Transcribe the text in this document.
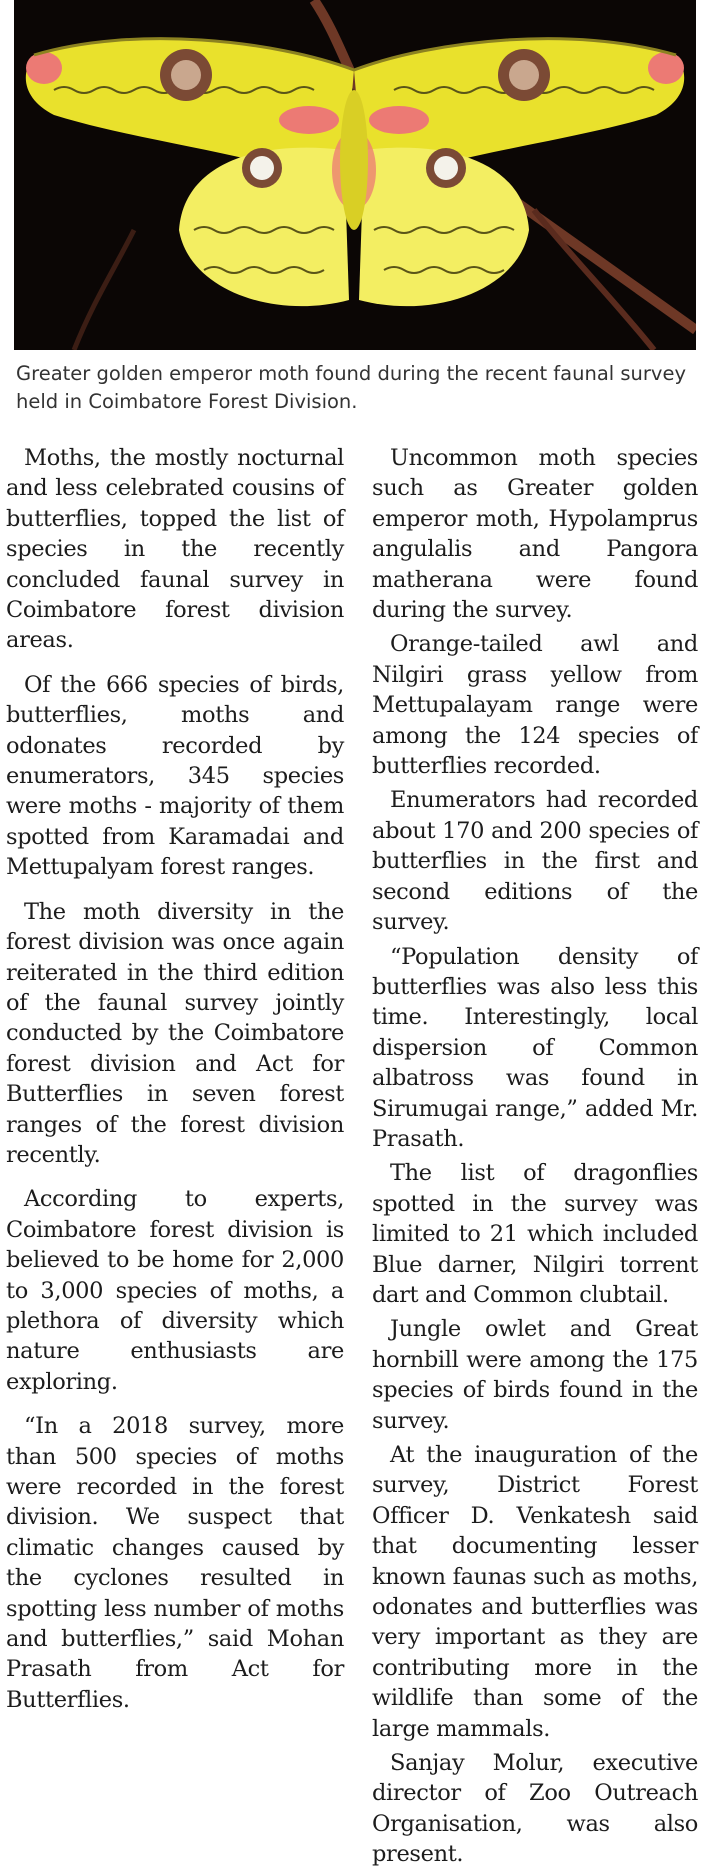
Greater golden emperor moth found during the recent faunal survey held in Coimbatore Forest Division.

Moths, the mostly nocturnal and less celebrated cousins of butterflies, topped the list of species in the recently concluded faunal survey in Coimbatore forest division areas.

Of the 666 species of birds, butterflies, moths and odonates recorded by enumerators, 345 species were moths - majority of them spotted from Karamadai and Mettupalyam forest ranges.

The moth diversity in the forest division was once again reiterated in the third edition of the faunal survey jointly conducted by the Coimbatore forest division and Act for Butterflies in seven forest ranges of the forest division recently.

According to experts, Coimbatore forest division is believed to be home for 2,000 to 3,000 species of moths, a plethora of diversity which nature enthusiasts are exploring.

“In a 2018 survey, more than 500 species of moths were recorded in the forest division. We suspect that climatic changes caused by the cyclones resulted in spotting less number of moths and butterflies,” said Mohan Prasath from Act for Butterflies.

Uncommon moth species such as Greater golden emperor moth, Hypolamprus angulalis and Pangora matherana were found during the survey.

Orange-tailed awl and Nilgiri grass yellow from Mettupalayam range were among the 124 species of butterflies recorded.

Enumerators had recorded about 170 and 200 species of butterflies in the first and second editions of the survey.

“Population density of butterflies was also less this time. Interestingly, local dispersion of Common albatross was found in Sirumugai range,” added Mr. Prasath.

The list of dragonflies spotted in the survey was limited to 21 which included Blue darner, Nilgiri torrent dart and Common clubtail.

Jungle owlet and Great hornbill were among the 175 species of birds found in the survey.

At the inauguration of the survey, District Forest Officer D. Venkatesh said that documenting lesser known faunas such as moths, odonates and butterflies was very important as they are contributing more in the wildlife than some of the large mammals.

Sanjay Molur, executive director of Zoo Outreach Organisation, was also present.
